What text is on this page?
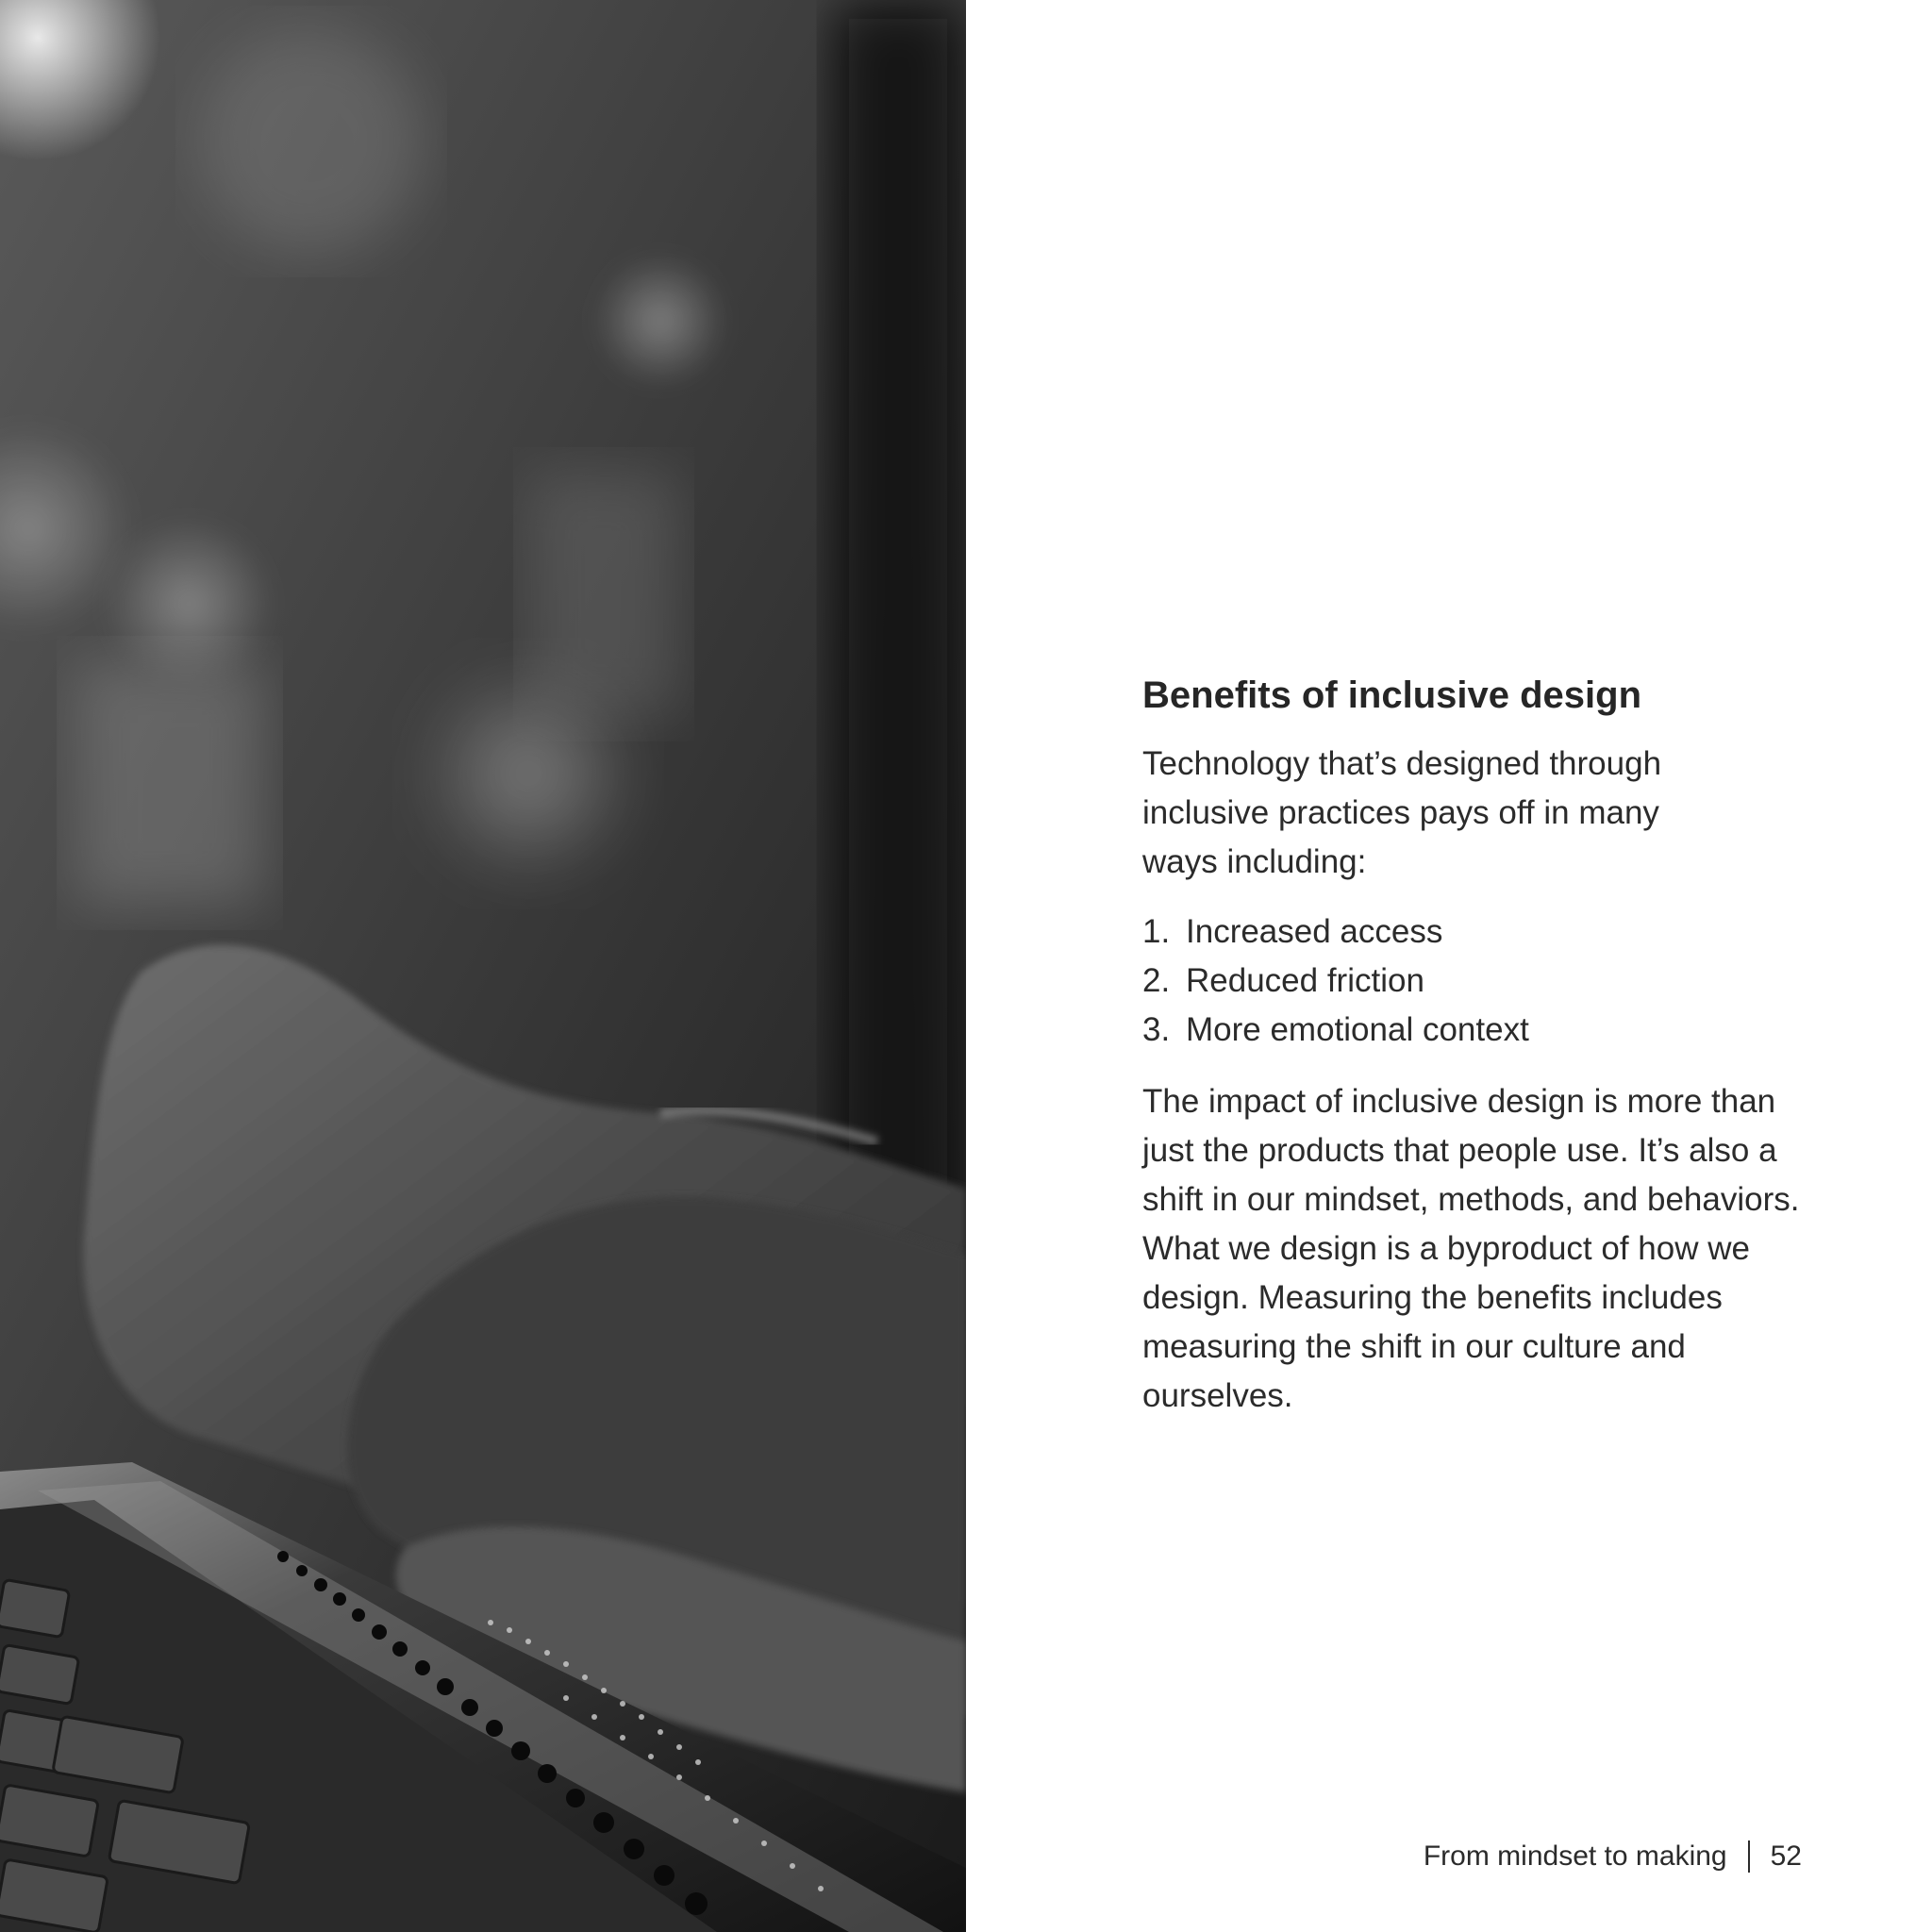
Benefits of inclusive design

Technology that’s designed through inclusive practices pays off in many ways including:

1. Increased access
2. Reduced friction
3. More emotional context

The impact of inclusive design is more than just the products that people use. It’s also a shift in our mindset, methods, and behaviors. What we design is a byproduct of how we design. Measuring the benefits includes measuring the shift in our culture and ourselves.

From mindset to making 52
